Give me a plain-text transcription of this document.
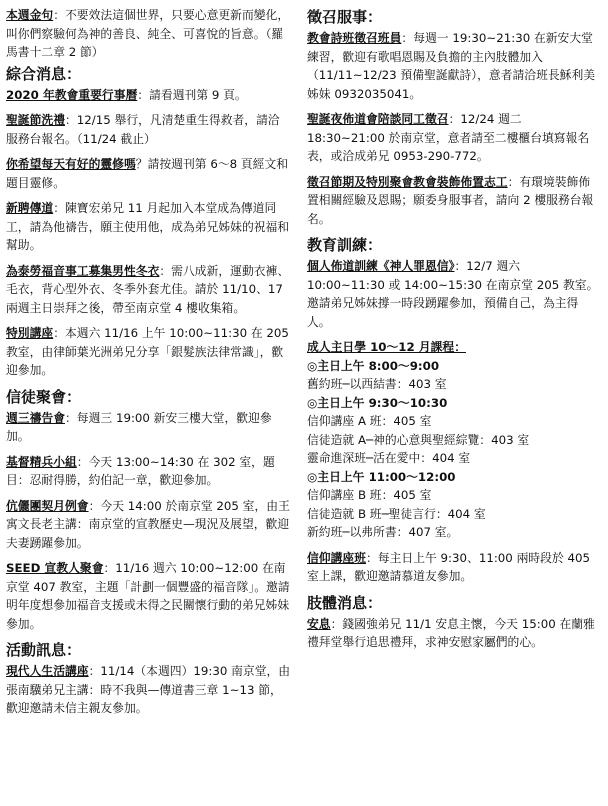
本週金句：不要效法這個世界，只要心意更新而變化，叫你們察驗何為神的善良、純全、可喜悅的旨意。（羅馬書十二章 2 節）

綜合消息：

2020 年教會重要行事曆：請看週刊第 9 頁。

聖誕節洗禮：12/15 舉行，凡清楚重生得救者，請洽服務台報名。（11/24 截止）

你希望每天有好的靈修嗎？請按週刊第 6～8 頁經文和題目靈修。

新聘傳道：陳寶宏弟兄 11 月起加入本堂成為傳道同工，請為他禱告，願主使用他，成為弟兄姊妹的祝福和幫助。

為泰勞福音事工募集男性冬衣：需八成新，運動衣褲、毛衣，背心型外衣、冬季外套尤佳。請於 11/10、17 兩週主日崇拜之後，帶至南京堂 4 樓收集箱。

特別講座：本週六 11/16 上午 10:00~11:30 在 205 教室，由律師葉光洲弟兄分享「銀髮族法律常識」，歡迎參加。

信徒聚會：

週三禱告會：每週三 19:00 新安三樓大堂，歡迎參加。

基督精兵小組：今天 13:00~14:30 在 302 室，題目：忍耐得勝，約伯記一章，歡迎參加。

伉儷團契月例會：今天 14:00 於南京堂 205 室，由王寓文長老主講：南京堂的宣教歷史—現況及展望，歡迎夫妻踴躍參加。

SEED 宣教人聚會：11/16 週六 10:00~12:00 在南京堂 407 教室，主題「計劃一個豐盛的福音隊」。邀請明年度想參加福音支援或未得之民關懷行動的弟兄姊妹參加。

活動訊息：

現代人生活講座：11/14（本週四）19:30 南京堂，由張南驥弟兄主講：時不我與—傳道書三章 1~13 節，歡迎邀請未信主親友參加。

徵召服事：

教會詩班徵召班員：每週一 19:30~21:30 在新安大堂練習，歡迎有歌唱恩賜及負擔的主內肢體加入（11/11~12/23 預備聖誕獻詩），意者請洽班長穌利美姊妹 0932035041。

聖誕夜佈道會陪談同工徵召：12/24 週二 18:30~21:00 於南京堂，意者請至二樓櫃台填寫報名表，或洽成弟兄 0953-290-772。

徵召節期及特別聚會教會裝飾佈置志工：有環境裝飾佈置相關經驗及恩賜；願委身服事者，請向 2 樓服務台報名。

教育訓練：

個人佈道訓練《神人罪恩信》：12/7 週六 10:00~11:30 或 14:00~15:30 在南京堂 205 教室。邀請弟兄姊妹撐一時段踴躍參加，預備自己，為主得人。

成人主日學 10～12 月課程：

◎主日上午 8:00～9:00

舊約班─以西結書：403 室

◎主日上午 9:30～10:30

信仰講座 A 班：405 室

信徒造就 A─神的心意與聖經綜覽：403 室

靈命進深班─活在愛中：404 室

◎主日上午 11:00～12:00

信仰講座 B 班：405 室

信徒造就 B 班─聖徒言行：404 室

新約班─以弗所書：407 室。

信仰講座班：每主日上午 9:30、11:00 兩時段於 405 室上課，歡迎邀請慕道友參加。

肢體消息：

安息：錢國強弟兄 11/1 安息主懷，今天 15:00 在蘭雅禮拜堂舉行追思禮拜，求神安慰家屬們的心。
